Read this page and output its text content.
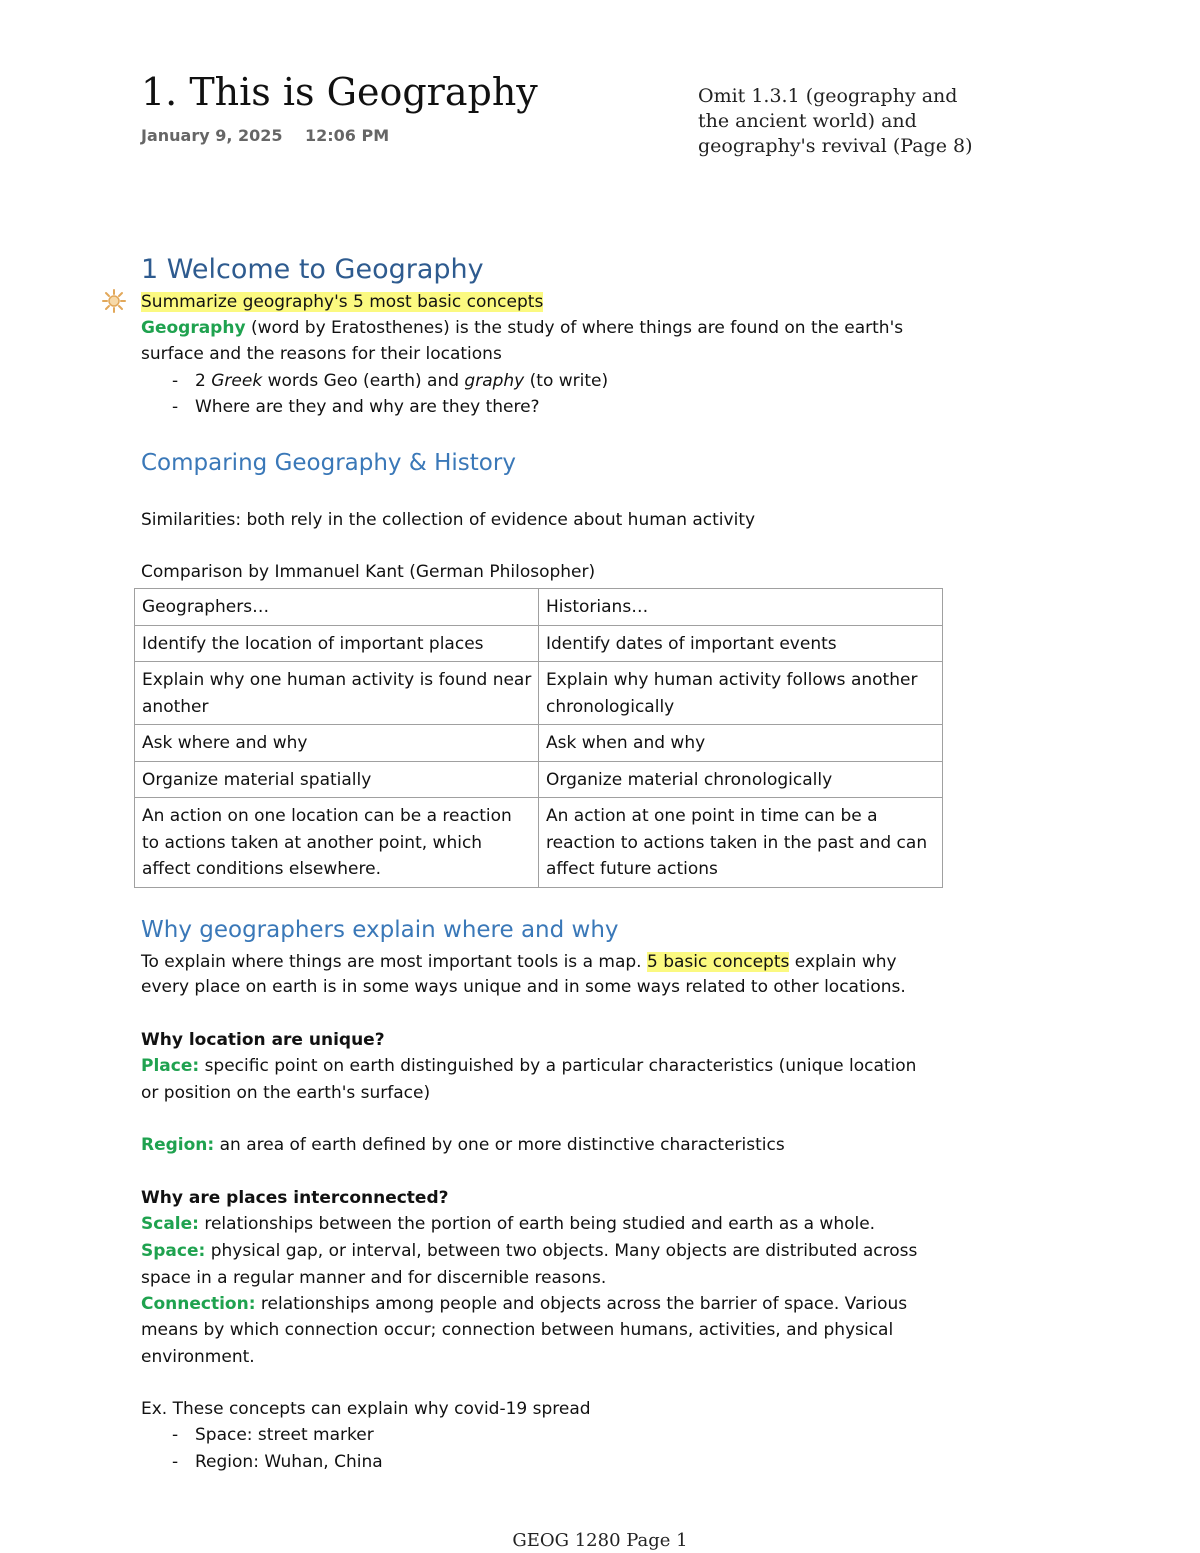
1. This is Geography
January 9, 2025 12:06 PM
Omit 1.3.1 (geography and the ancient world) and geography's revival (Page 8)
1 Welcome to Geography
Summarize geography's 5 most basic concepts
Geography (word by Eratosthenes) is the study of where things are found on the earth's
surface and the reasons for their locations
- 2 Greek words Geo (earth) and graphy (to write)
- Where are they and why are they there?
Comparing Geography & History
Similarities: both rely in the collection of evidence about human activity
Comparison by Immanuel Kant (German Philosopher)
Geographers…	Historians…
Identify the location of important places	Identify dates of important events
Explain why one human activity is found near another	Explain why human activity follows another chronologically
Ask where and why	Ask when and why
Organize material spatially	Organize material chronologically
An action on one location can be a reaction to actions taken at another point, which affect conditions elsewhere.	An action at one point in time can be a reaction to actions taken in the past and can affect future actions
Why geographers explain where and why
To explain where things are most important tools is a map. 5 basic concepts explain why
every place on earth is in some ways unique and in some ways related to other locations.
Why location are unique?
Place: specific point on earth distinguished by a particular characteristics (unique location
or position on the earth's surface)
Region: an area of earth defined by one or more distinctive characteristics
Why are places interconnected?
Scale: relationships between the portion of earth being studied and earth as a whole.
Space: physical gap, or interval, between two objects. Many objects are distributed across
space in a regular manner and for discernible reasons.
Connection: relationships among people and objects across the barrier of space. Various
means by which connection occur; connection between humans, activities, and physical
environment.
Ex. These concepts can explain why covid-19 spread
- Space: street marker
- Region: Wuhan, China
GEOG 1280 Page 1
